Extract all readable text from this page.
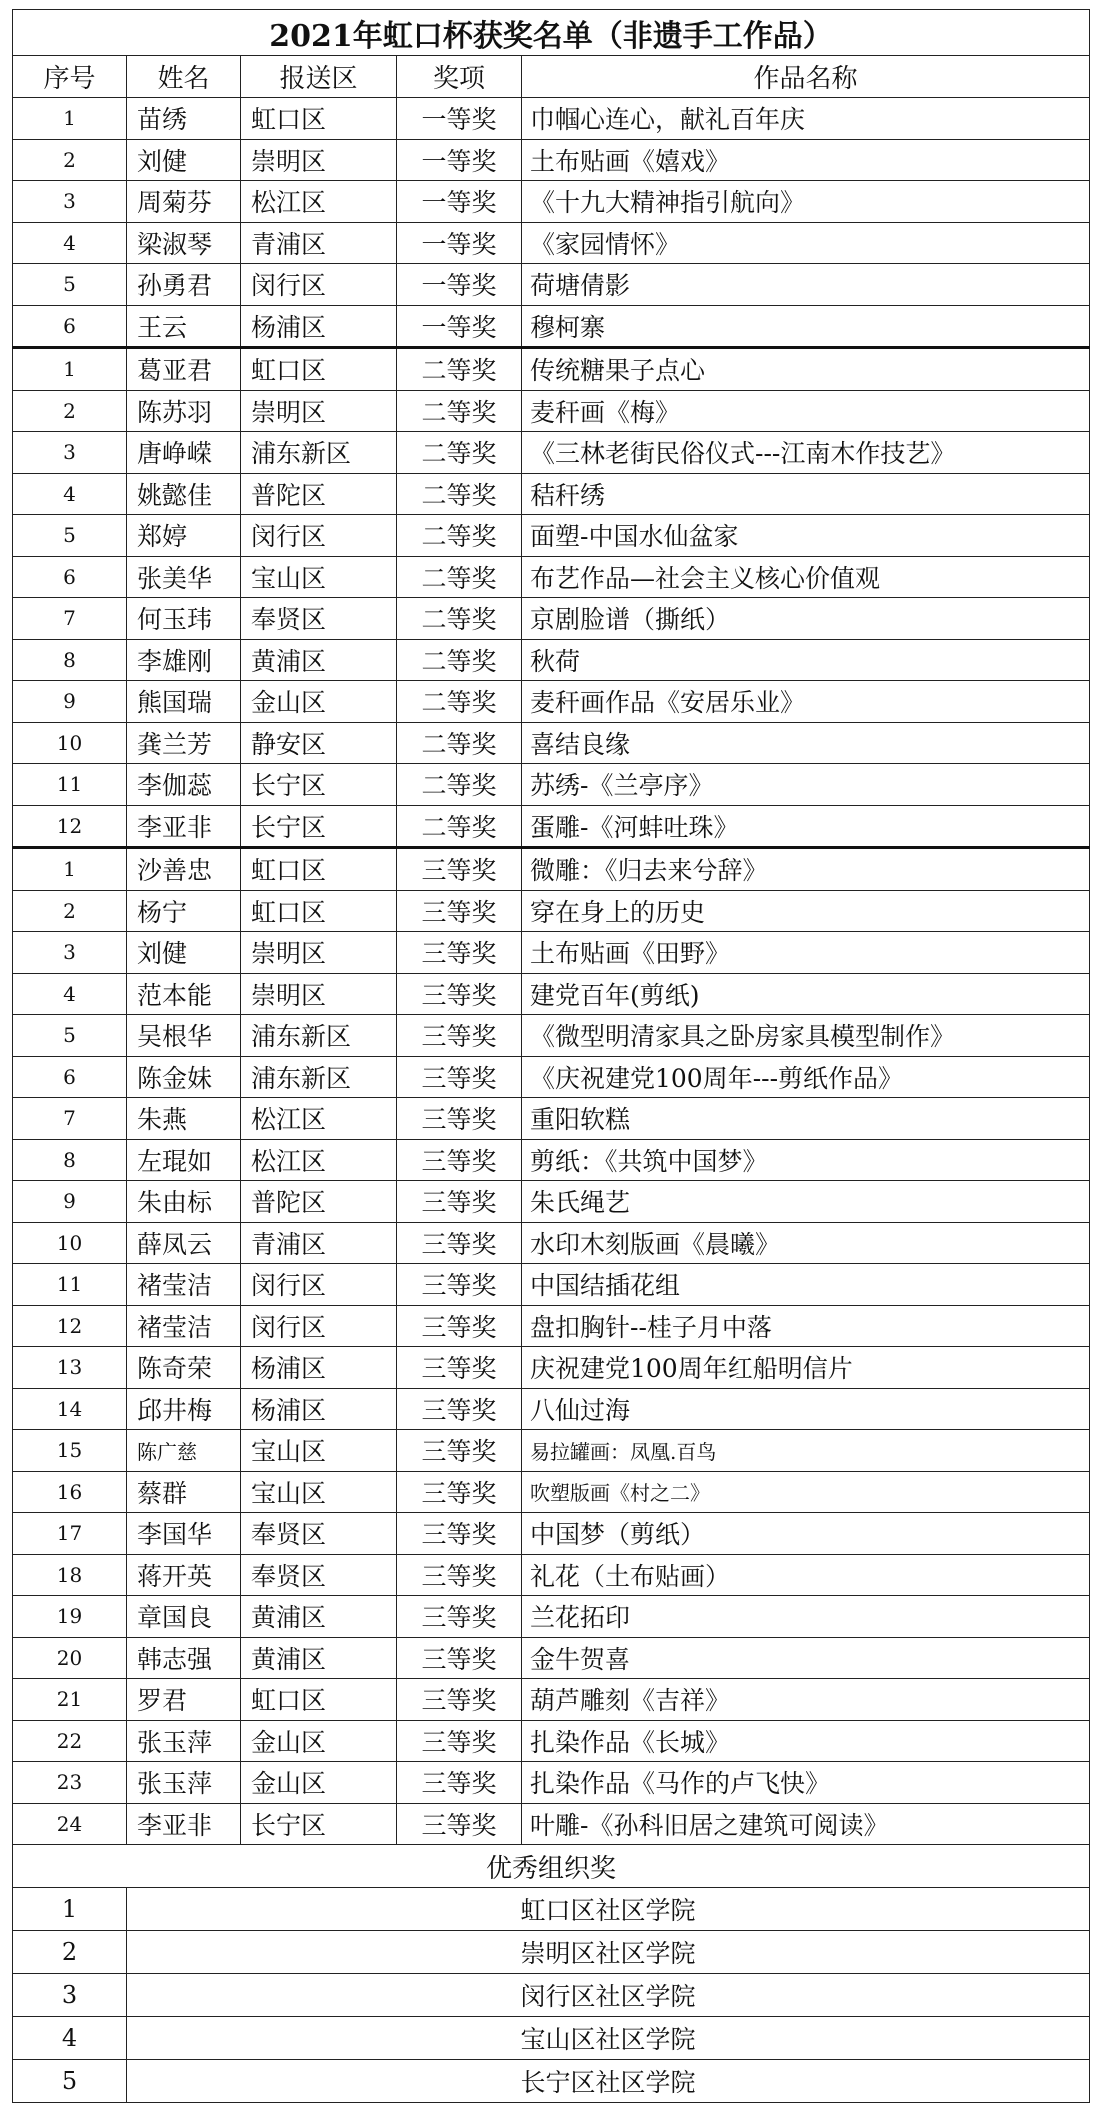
2021年虹口杯获奖名单（非遗手工作品）				
序号	姓名	报送区	奖项	作品名称
1	苗绣	虹口区	一等奖	巾帼心连心，献礼百年庆
2	刘健	崇明区	一等奖	土布贴画《嬉戏》
3	周菊芬	松江区	一等奖	《十九大精神指引航向》
4	梁淑琴	青浦区	一等奖	《家园情怀》
5	孙勇君	闵行区	一等奖	荷塘倩影
6	王云	杨浦区	一等奖	穆柯寨
1	葛亚君	虹口区	二等奖	传统糖果子点心
2	陈苏羽	崇明区	二等奖	麦秆画《梅》
3	唐峥嵘	浦东新区	二等奖	《三林老街民俗仪式---江南木作技艺》
4	姚懿佳	普陀区	二等奖	秸秆绣
5	郑婷	闵行区	二等奖	面塑-中国水仙盆家
6	张美华	宝山区	二等奖	布艺作品—社会主义核心价值观
7	何玉玮	奉贤区	二等奖	京剧脸谱（撕纸）
8	李雄刚	黄浦区	二等奖	秋荷
9	熊国瑞	金山区	二等奖	麦秆画作品《安居乐业》
10	龚兰芳	静安区	二等奖	喜结良缘
11	李伽蕊	长宁区	二等奖	苏绣-《兰亭序》
12	李亚非	长宁区	二等奖	蛋雕-《河蚌吐珠》
1	沙善忠	虹口区	三等奖	微雕：《归去来兮辞》
2	杨宁	虹口区	三等奖	穿在身上的历史
3	刘健	崇明区	三等奖	土布贴画《田野》
4	范本能	崇明区	三等奖	建党百年(剪纸)
5	吴根华	浦东新区	三等奖	《微型明清家具之卧房家具模型制作》
6	陈金妹	浦东新区	三等奖	《庆祝建党100周年---剪纸作品》
7	朱燕	松江区	三等奖	重阳软糕
8	左琨如	松江区	三等奖	剪纸：《共筑中国梦》
9	朱由标	普陀区	三等奖	朱氏绳艺
10	薛凤云	青浦区	三等奖	水印木刻版画《晨曦》
11	褚莹洁	闵行区	三等奖	中国结插花组
12	褚莹洁	闵行区	三等奖	盘扣胸针--桂子月中落
13	陈奇荣	杨浦区	三等奖	庆祝建党100周年红船明信片
14	邱井梅	杨浦区	三等奖	八仙过海
15	陈广慈	宝山区	三等奖	易拉罐画：凤凰.百鸟
16	蔡群	宝山区	三等奖	吹塑版画《村之二》
17	李国华	奉贤区	三等奖	中国梦（剪纸）
18	蒋开英	奉贤区	三等奖	礼花（土布贴画）
19	章国良	黄浦区	三等奖	兰花拓印
20	韩志强	黄浦区	三等奖	金牛贺喜
21	罗君	虹口区	三等奖	葫芦雕刻《吉祥》
22	张玉萍	金山区	三等奖	扎染作品《长城》
23	张玉萍	金山区	三等奖	扎染作品《马作的卢飞快》
24	李亚非	长宁区	三等奖	叶雕-《孙科旧居之建筑可阅读》
优秀组织奖				
1	虹口区社区学院			
2	崇明区社区学院			
3	闵行区社区学院			
4	宝山区社区学院			
5	长宁区社区学院			
